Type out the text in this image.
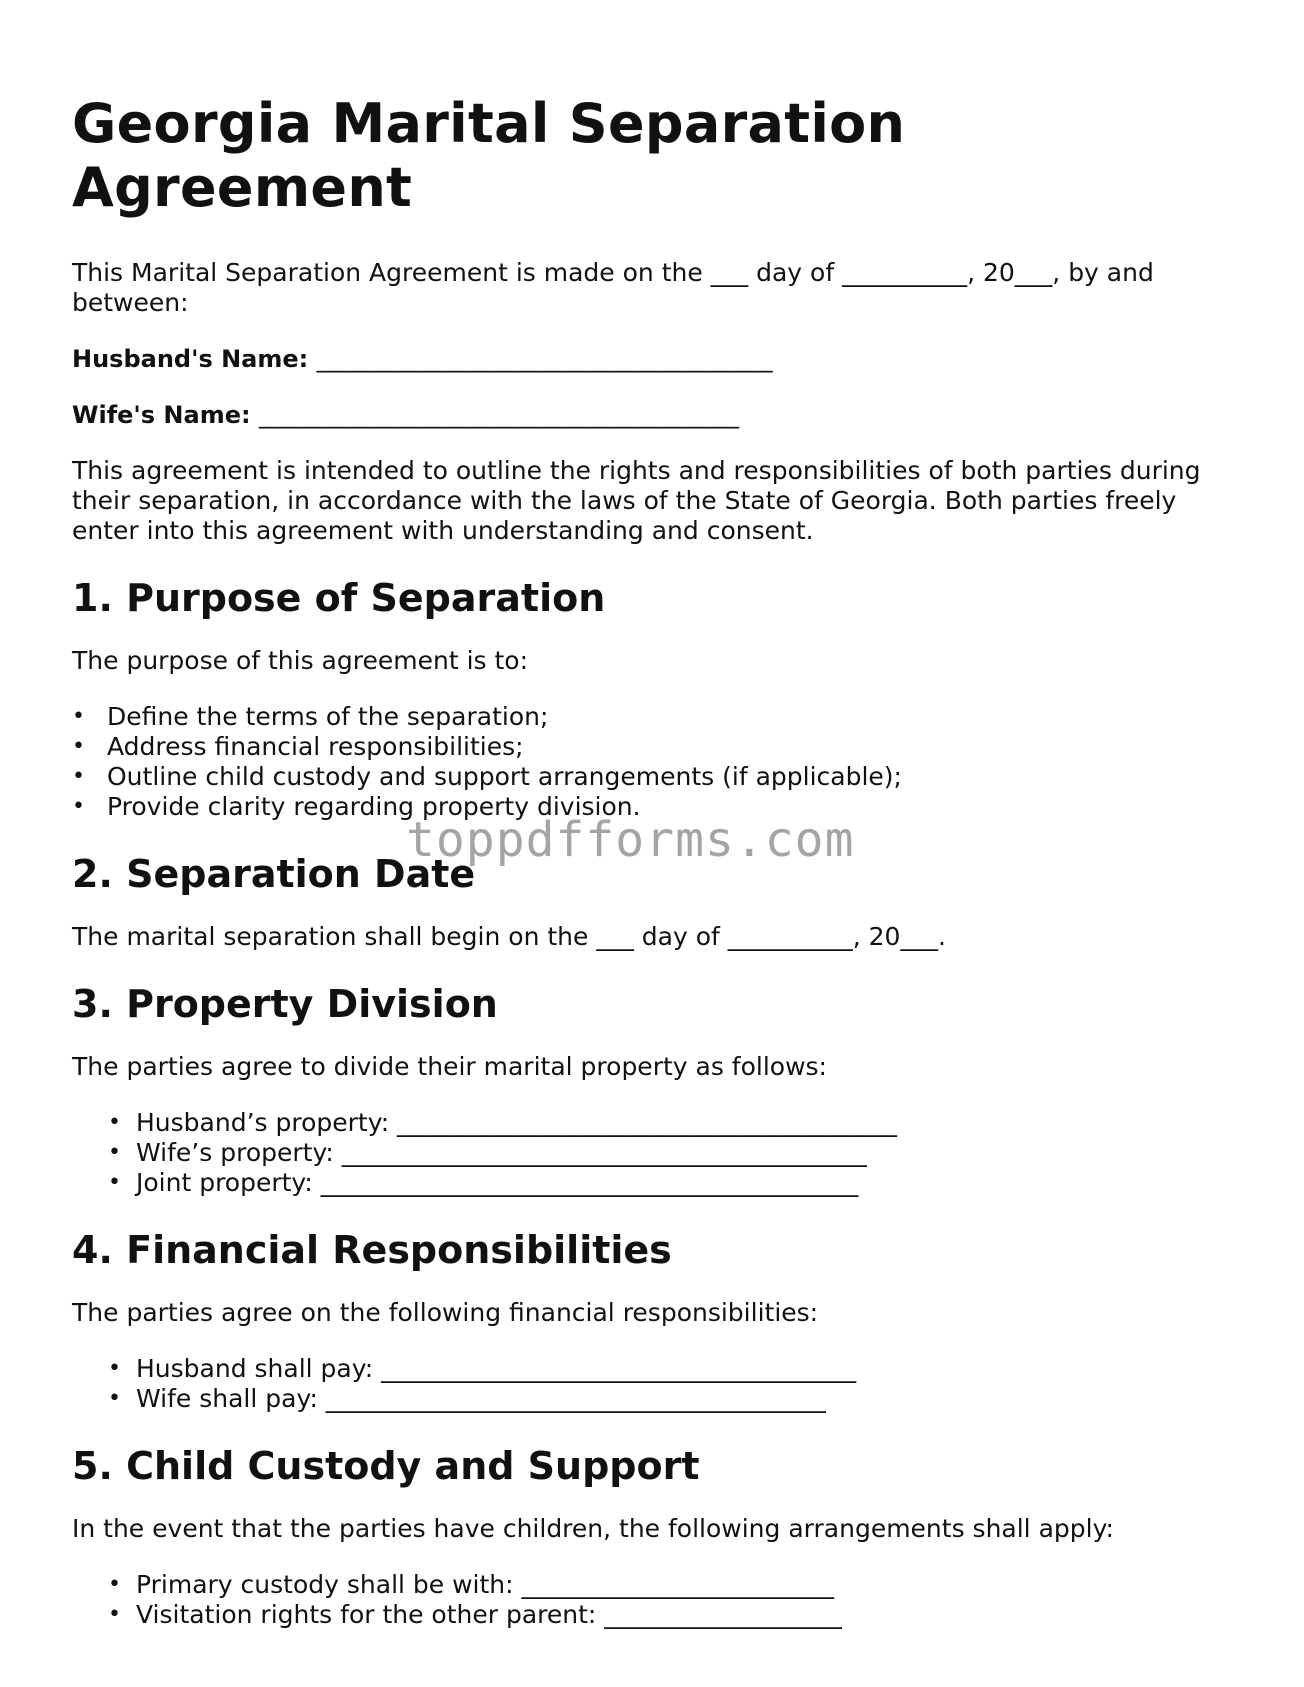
Georgia Marital Separation Agreement

This Marital Separation Agreement is made on the ___ day of __________, 20___, by and between:

Husband's Name: ______________________________________

Wife's Name: ________________________________________

This agreement is intended to outline the rights and responsibilities of both parties during their separation, in accordance with the laws of the State of Georgia. Both parties freely enter into this agreement with understanding and consent.

1. Purpose of Separation

The purpose of this agreement is to:

• Define the terms of the separation;
• Address financial responsibilities;
• Outline child custody and support arrangements (if applicable);
• Provide clarity regarding property division.
2. Separation Date

The marital separation shall begin on the ___ day of __________, 20___.

3. Property Division

The parties agree to divide their marital property as follows:

• Husband’s property: ________________________________________
• Wife’s property: __________________________________________
• Joint property: ___________________________________________
4. Financial Responsibilities

The parties agree on the following financial responsibilities:

• Husband shall pay: ______________________________________
• Wife shall pay: ________________________________________
5. Child Custody and Support

In the event that the parties have children, the following arrangements shall apply:

• Primary custody shall be with: _________________________
• Visitation rights for the other parent: ___________________
toppdfforms.com
